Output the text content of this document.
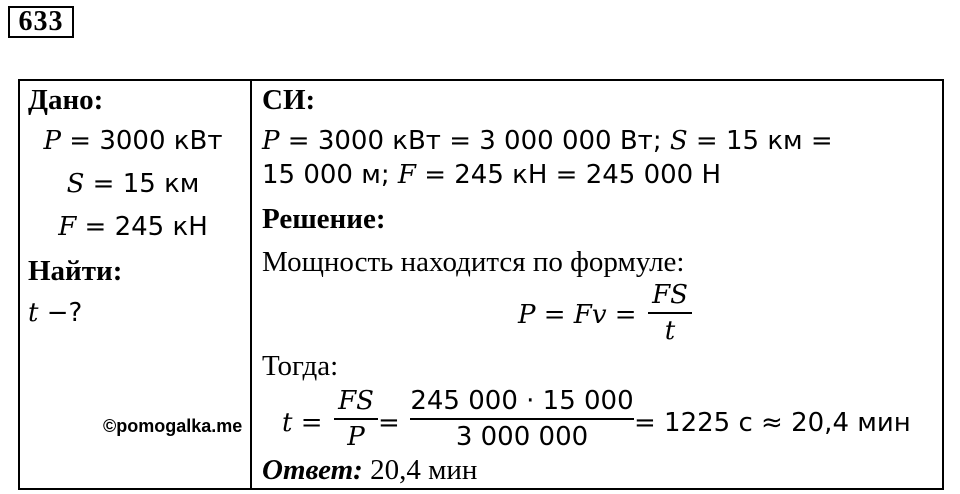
633
Дано:
P = 3000 кВт
S = 15 км
F = 245 кН
Найти:
t −?
©pomogalka.me
СИ:
P = 3000 кВт = 3 000 000 Вт; S = 15 км =
15 000 м; F = 245 кН = 245 000 Н
Решение:
Мощность находится по формуле:
P = Fv =
FS
t
Тогда:
t =
FS
P =
245 000 · 15 000
3 000 000	= 1225 с ≈ 20,4 мин
Ответ: 20,4 мин
